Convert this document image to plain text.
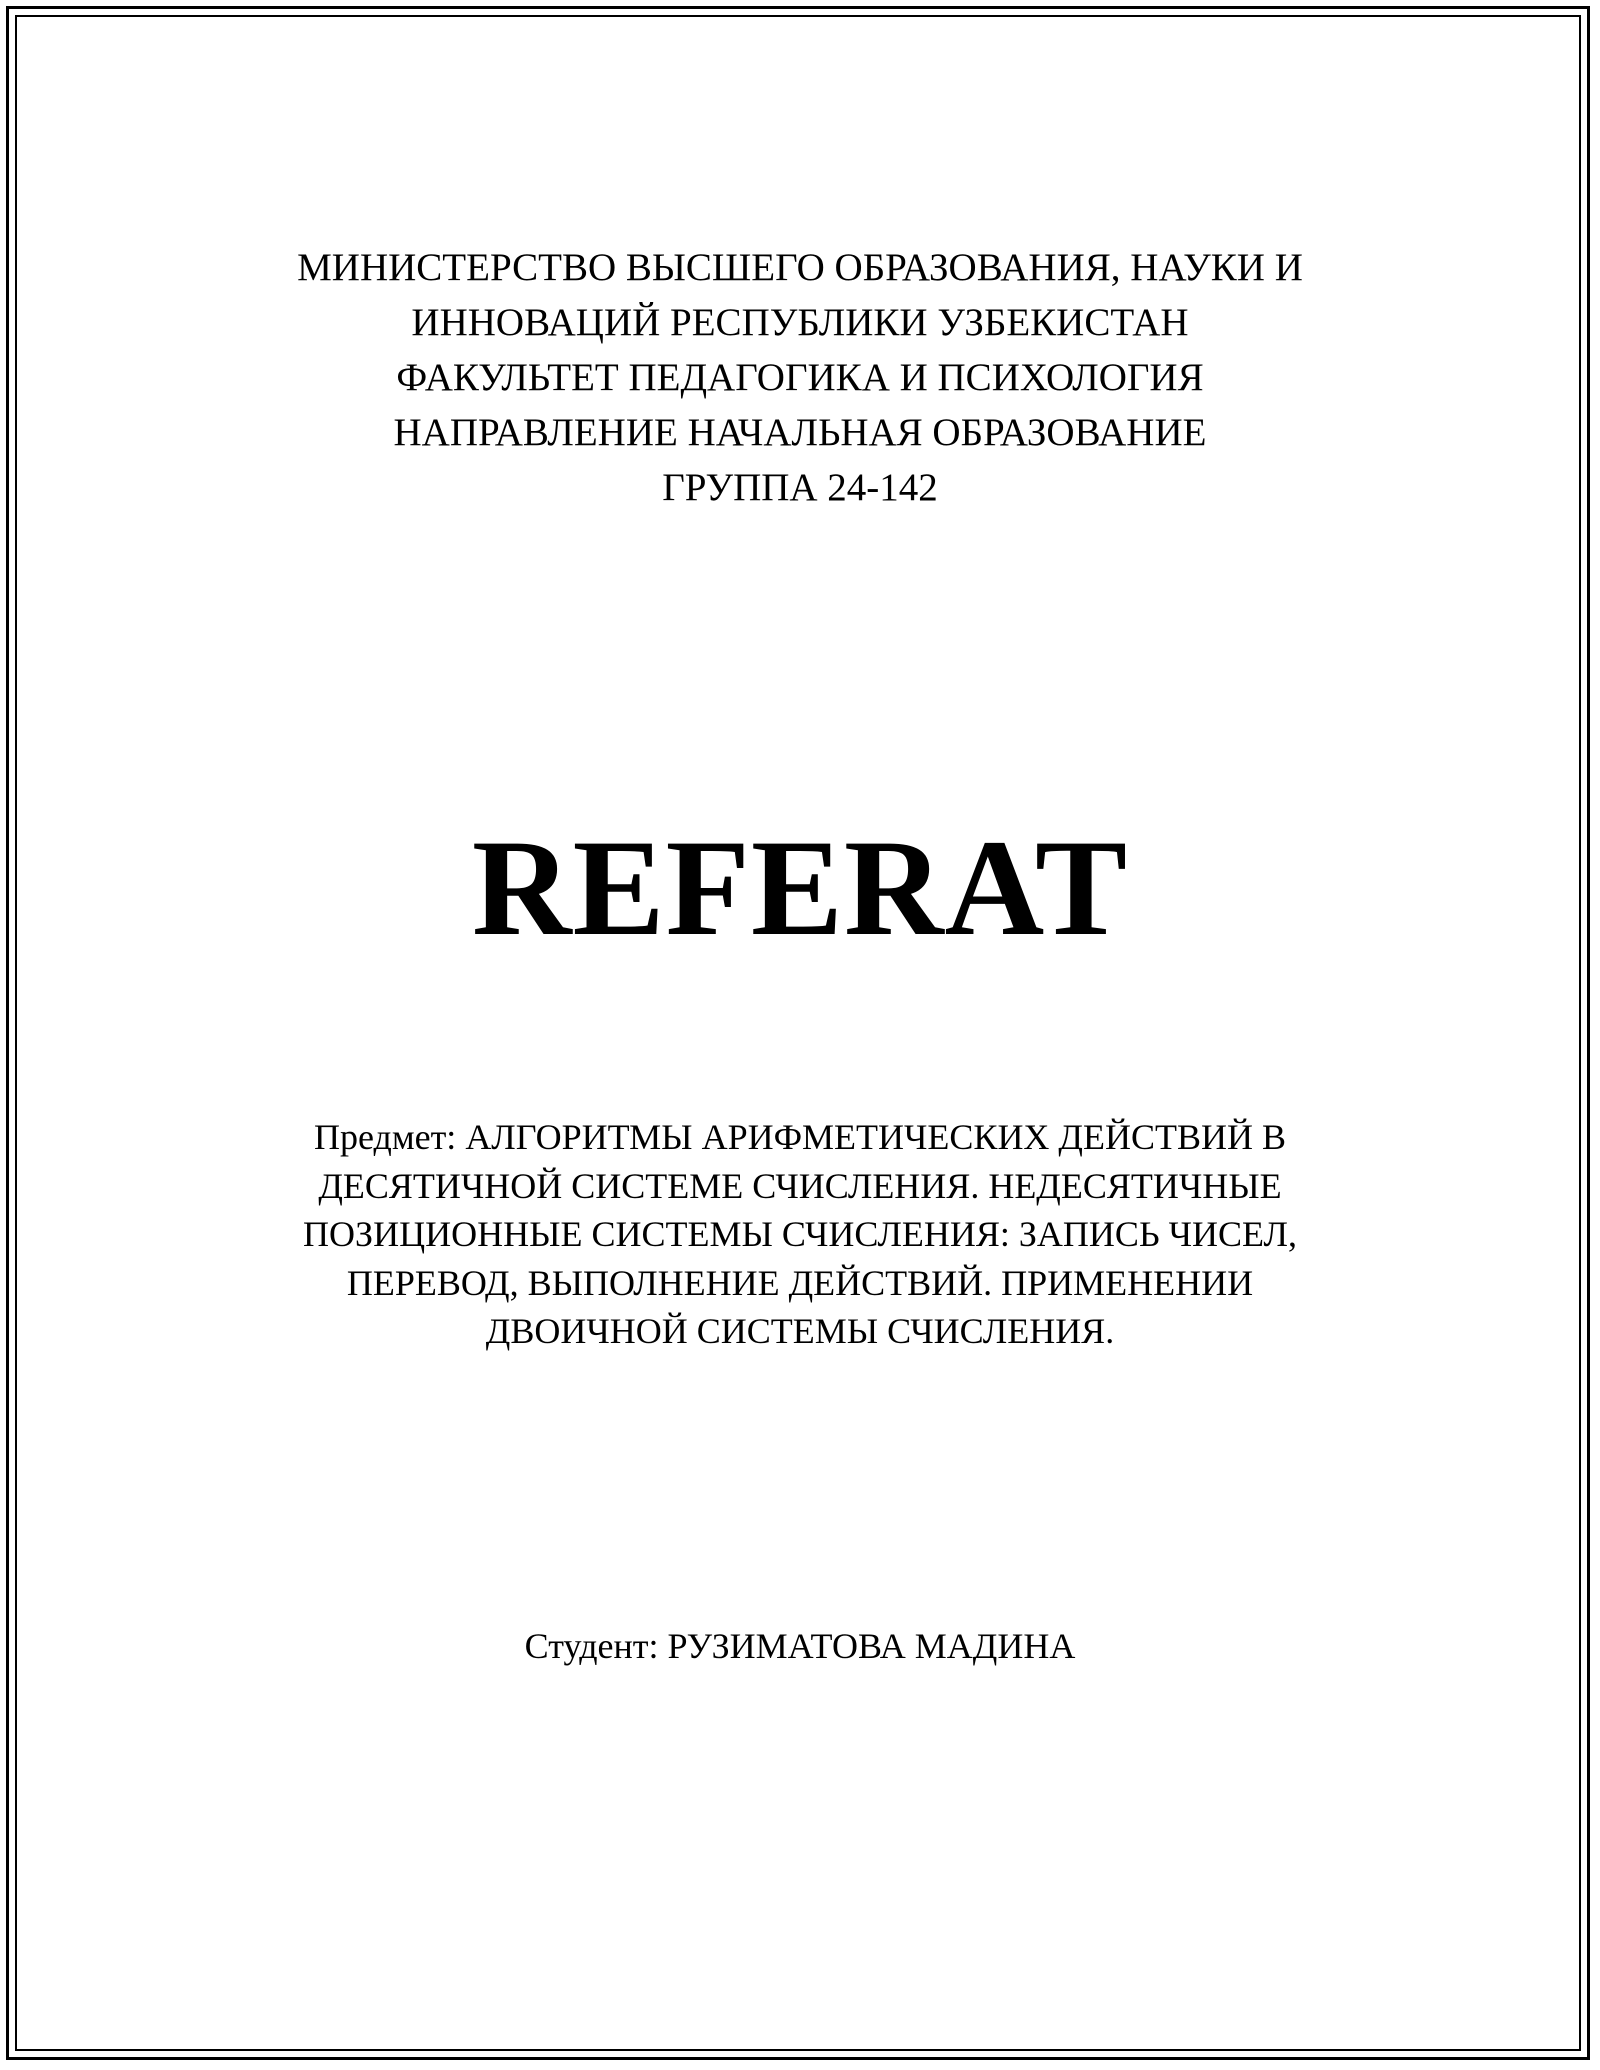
МИНИСТЕРСТВО ВЫСШЕГО ОБРАЗОВАНИЯ, НАУКИ И
ИННОВАЦИЙ РЕСПУБЛИКИ УЗБЕКИСТАН
ФАКУЛЬТЕТ ПЕДАГОГИКА И ПСИХОЛОГИЯ
НАПРАВЛЕНИЕ НАЧАЛЬНАЯ ОБРАЗОВАНИЕ
ГРУППА 24-142
REFERAT
Предмет: АЛГОРИТМЫ АРИФМЕТИЧЕСКИХ ДЕЙСТВИЙ В
ДЕСЯТИЧНОЙ СИСТЕМЕ СЧИСЛЕНИЯ. НЕДЕСЯТИЧНЫЕ
ПОЗИЦИОННЫЕ СИСТЕМЫ СЧИСЛЕНИЯ: ЗАПИСЬ ЧИСЕЛ,
ПЕРЕВОД, ВЫПОЛНЕНИЕ ДЕЙСТВИЙ. ПРИМЕНЕНИИ
ДВОИЧНОЙ СИСТЕМЫ СЧИСЛЕНИЯ.
Студент: РУЗИМАТОВА МАДИНА
